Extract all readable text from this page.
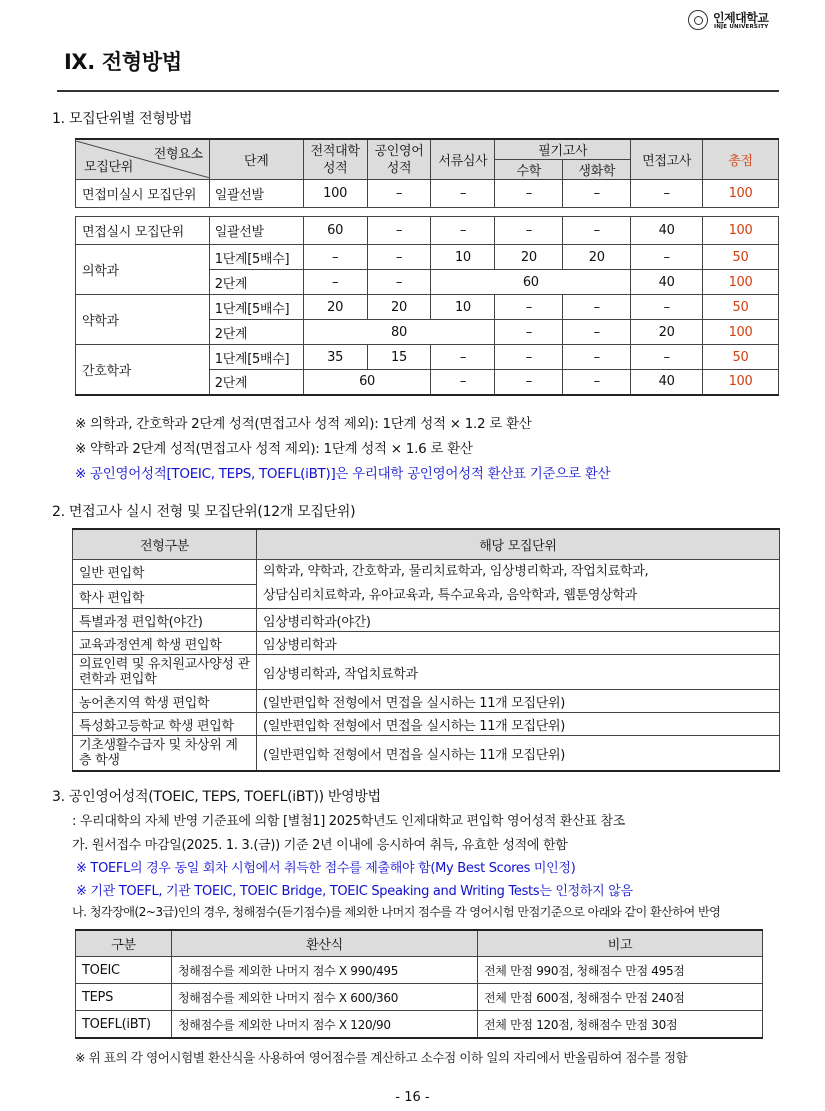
인제대학교
INJE UNIVERSITY
Ⅸ. 전형방법
1. 모집단위별 전형방법
전형요소
모집단위	단계	전적대학 성적	공인영어 성적	서류심사	필기고사		면접고사	총점
					수학	생화학		
면접미실시 모집단위	일괄선발	100	–	–	–	–	–	100

면접실시 모집단위	일괄선발	60	–	–	–	–	40	100
의학과	1단계[5배수]	–	–	10	20	20	–	50
	2단계	–	–	60			40	100
약학과	1단계[5배수]	20	20	10	–	–	–	50
	2단계	80			–	–	20	100
간호학과	1단계[5배수]	35	15	–	–	–	–	50
	2단계	60		–	–	–	40	100
※ 의학과, 간호학과 2단계 성적(면접고사 성적 제외): 1단계 성적 × 1.2 로 환산
※ 약학과 2단계 성적(면접고사 성적 제외): 1단계 성적 × 1.6 로 환산
※ 공인영어성적[TOEIC, TEPS, TOEFL(iBT)]은 우리대학 공인영어성적 환산표 기준으로 환산
2. 면접고사 실시 전형 및 모집단위(12개 모집단위)
전형구분	해당 모집단위
일반 편입학	의학과, 약학과, 간호학과, 물리치료학과, 임상병리학과, 작업치료학과,
상담심리치료학과, 유아교육과, 특수교육과, 음악학과, 웹툰영상학과

학사 편입학	
특별과정 편입학(야간)	임상병리학과(야간)
교육과정연계 학생 편입학	임상병리학과
의료인력 및 유치원교사양성 관련학과 편입학	임상병리학과, 작업치료학과
농어촌지역 학생 편입학	(일반편입학 전형에서 면접을 실시하는 11개 모집단위)
특성화고등학교 학생 편입학	(일반편입학 전형에서 면접을 실시하는 11개 모집단위)
기초생활수급자 및 차상위 계층 학생	(일반편입학 전형에서 면접을 실시하는 11개 모집단위)
3. 공인영어성적(TOEIC, TEPS, TOEFL(iBT)) 반영방법
: 우리대학의 자체 반영 기준표에 의함 [별첨1] 2025학년도 인제대학교 편입학 영어성적 환산표 참조
가. 원서접수 마감일(2025. 1. 3.(금)) 기준 2년 이내에 응시하여 취득, 유효한 성적에 한함
※ TOEFL의 경우 동일 회차 시험에서 취득한 점수를 제출해야 함(My Best Scores 미인정)
※ 기관 TOEFL, 기관 TOEIC, TOEIC Bridge, TOEIC Speaking and Writing Tests는 인정하지 않음
나. 청각장애(2~3급)인의 경우, 청해점수(듣기점수)를 제외한 나머지 점수를 각 영어시험 만점기준으로 아래와 같이 환산하여 반영
구분	환산식	비고
TOEIC	청해점수를 제외한 나머지 점수 X 990/495	전체 만점 990점, 청해점수 만점 495점
TEPS	청해점수를 제외한 나머지 점수 X 600/360	전체 만점 600점, 청해점수 만점 240점
TOEFL(iBT)	청해점수를 제외한 나머지 점수 X 120/90	전체 만점 120점, 청해점수 만점 30점
※ 위 표의 각 영어시험별 환산식을 사용하여 영어점수를 계산하고 소수점 이하 일의 자리에서 반올림하여 점수를 정함
- 16 -
